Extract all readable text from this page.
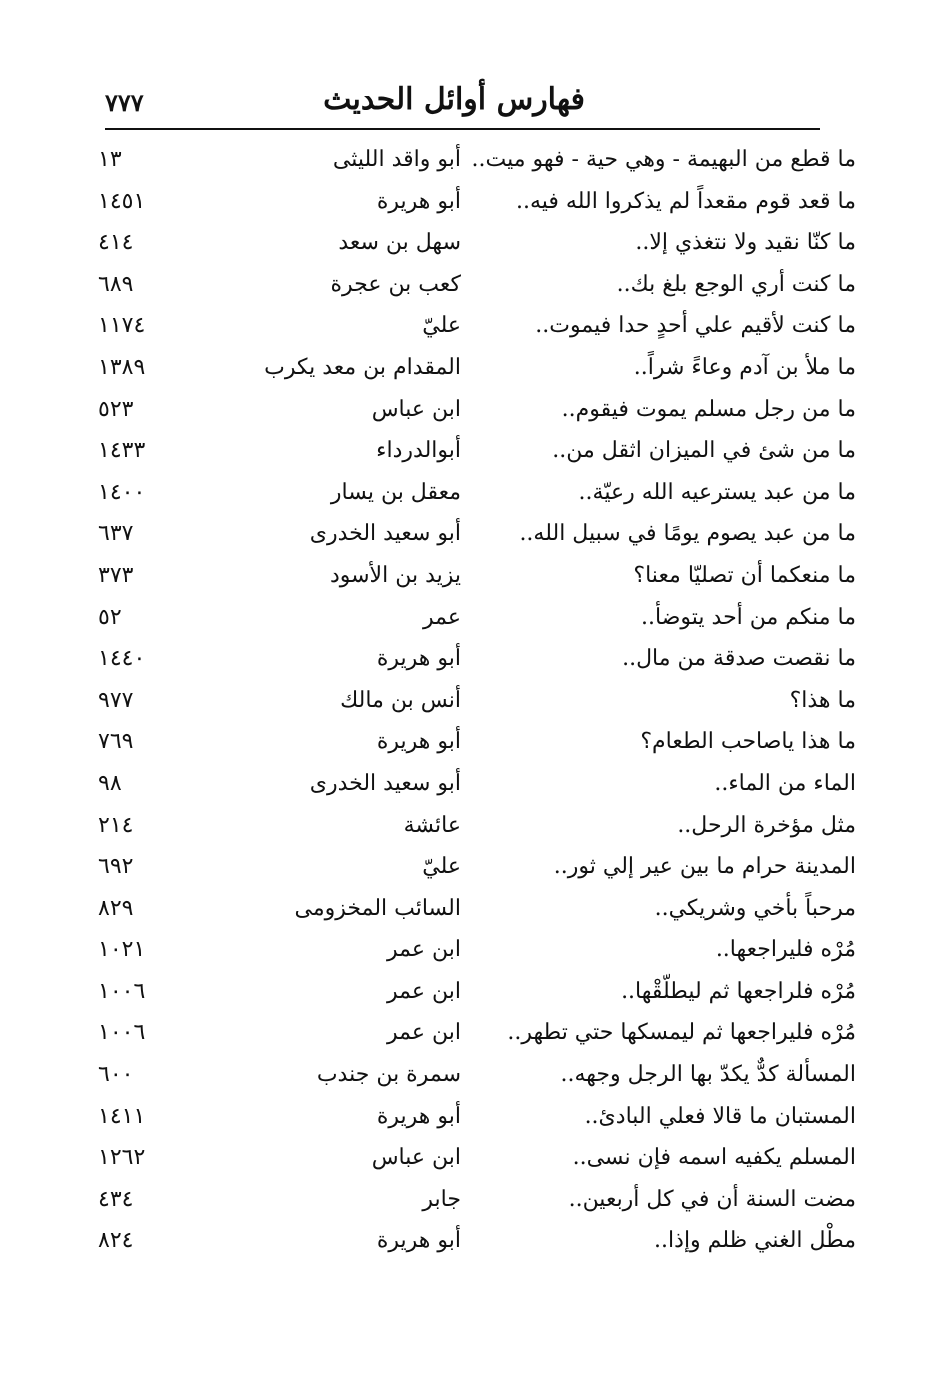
٧٧٧	فهارس أوائل الحديث
ما قطع من البهيمة - وهي حية - فهو ميت..
أبو واقد الليثى
١٣
ما قعد قوم مقعداً لم يذكروا الله فيه..
أبو هريرة
١٤٥١
ما كنّا نقيد ولا نتغذي إلا..
سهل بن سعد
٤١٤
ما كنت أري الوجع بلغ بك..
كعب بن عجرة
٦٨٩
ما كنت لأقيم علي أحدٍ حدا فيموت..
عليّ
١١٧٤
ما ملأ بن آدم وعاءً شراً..
المقدام بن معد يكرب
١٣٨٩
ما من رجل مسلم يموت فيقوم..
ابن عباس
٥٢٣
ما من شئ في الميزان اثقل من..
أبوالدرداء
١٤٣٣
ما من عبد يسترعيه الله رعيّة..
معقل بن يسار
١٤٠٠
ما من عبد يصوم يومًا في سبيل الله..
أبو سعيد الخدرى
٦٣٧
ما منعكما أن تصليّا معنا؟
يزيد بن الأسود
٣٧٣
ما منكم من أحد يتوضأ..
عمر
٥٢
ما نقصت صدقة من مال..
أبو هريرة
١٤٤٠
ما هذا؟
أنس بن مالك
٩٧٧
ما هذا ياصاحب الطعام؟
أبو هريرة
٧٦٩
الماء من الماء..
أبو سعيد الخدرى
٩٨
مثل مؤخرة الرحل..
عائشة
٢١٤
المدينة حرام ما بين عير إلي ثور..
عليّ
٦٩٢
مرحباً بأخي وشريكي..
السائب المخزومى
٨٢٩
مُرْه فليراجعها..
ابن عمر
١٠٢١
مُرْه فلراجعها ثم ليطلّقْها..
ابن عمر
١٠٠٦
مُرْه فليراجعها ثم ليمسكها حتي تطهر..
ابن عمر
١٠٠٦
المسألة كدٌّ يكدّ بها الرجل وجهه..
سمرة بن جندب
٦٠٠
المستبان ما قالا فعلي البادئ..
أبو هريرة
١٤١١
المسلم يكفيه اسمه فإن نسى..
ابن عباس
١٢٦٢
مضت السنة أن في كل أربعين..
جابر
٤٣٤
مطْل الغني ظلم وإذا..
أبو هريرة
٨٢٤
